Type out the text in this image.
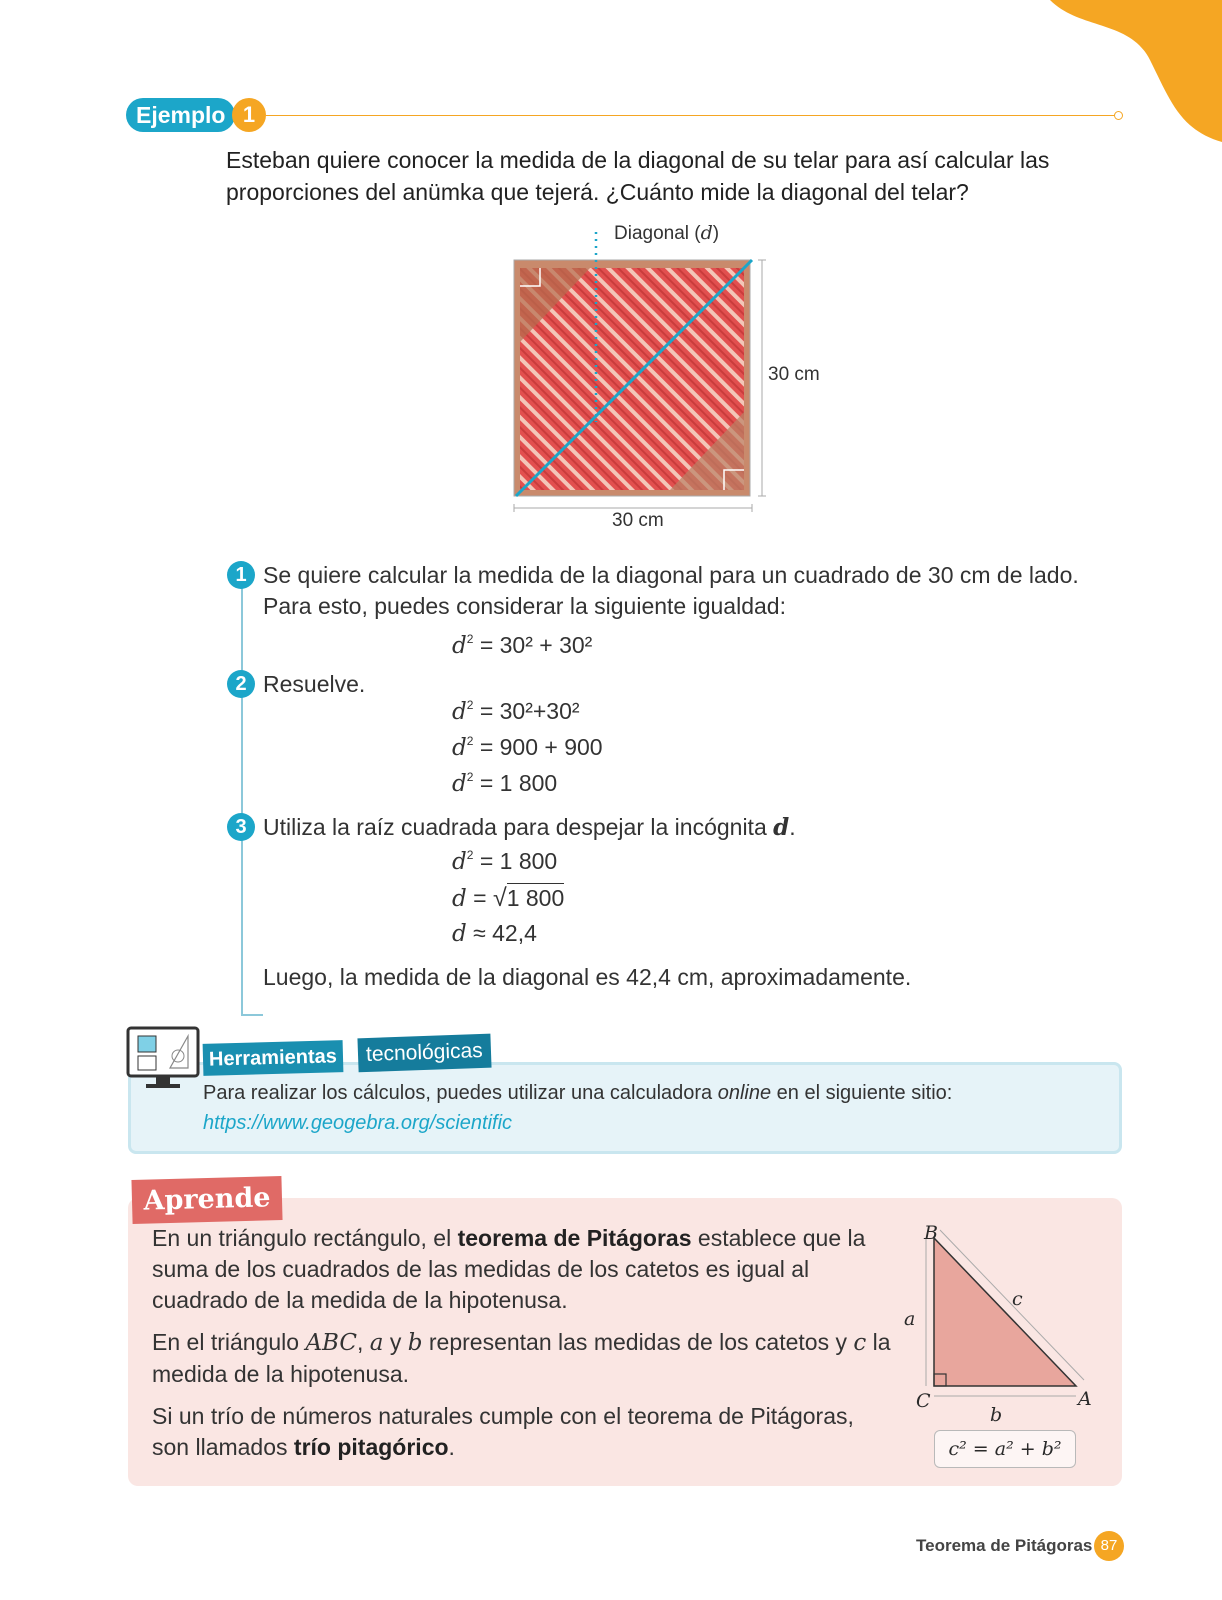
Ejemplo 1
Esteban quiere conocer la medida de la diagonal de su telar para así calcular las proporciones del anümka que tejerá. ¿Cuánto mide la diagonal del telar?
Diagonal (d)
30 cm
30 cm
1 Se quiere calcular la medida de la diagonal para un cuadrado de 30 cm de lado.
Para esto, puedes considerar la siguiente igualdad:
$d^2 = 30^2 + 30^2$
2 Resuelve.
$d^2 = 30^2+30^2$
$d^2 = 900 + 900$
$d^2 = 1$ 800
3 Utiliza la raíz cuadrada para despejar la incógnita d.
$d^2 = 1$ 800
d = √1 800
d ≈ 42,4
Luego, la medida de la diagonal es 42,4 cm, aproximadamente.
Herramientas	tecnológicas
Para realizar los cálculos, puedes utilizar una calculadora online en el siguiente sitio:
https://www.geogebra.org/scientific
Aprende
En un triángulo rectángulo, el teorema de Pitágoras establece que la suma de los cuadrados de las medidas de los catetos es igual al cuadrado de la medida de la hipotenusa.
En el triángulo ABC, a y b representan las medidas de los catetos y c la medida de la hipotenusa.
Si un trío de números naturales cumple con el teorema de Pitágoras, son llamados trío pitagórico.
B
C	A
a
b
c
c² = a² + b²
Teorema de Pitágoras 87
